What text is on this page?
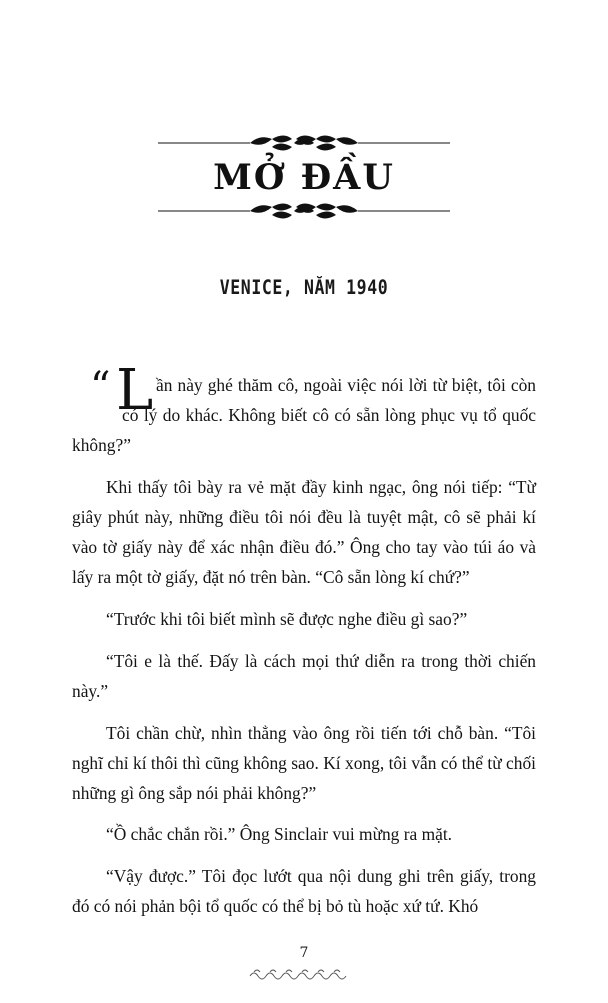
MỞ ĐẦU
VENICE, NĂM 1940

“ L ần này ghé thăm cô, ngoài việc nói lời từ biệt, tôi còn có lý do khác. Không biết cô có sẵn lòng phục vụ tổ quốc không?”

Khi thấy tôi bày ra vẻ mặt đầy kinh ngạc, ông nói tiếp: “Từ giây phút này, những điều tôi nói đều là tuyệt mật, cô sẽ phải kí vào tờ giấy này để xác nhận điều đó.” Ông cho tay vào túi áo và lấy ra một tờ giấy, đặt nó trên bàn. “Cô sẵn lòng kí chứ?”

“Trước khi tôi biết mình sẽ được nghe điều gì sao?”

“Tôi e là thế. Đấy là cách mọi thứ diễn ra trong thời chiến này.”

Tôi chần chừ, nhìn thẳng vào ông rồi tiến tới chỗ bàn. “Tôi nghĩ chỉ kí thôi thì cũng không sao. Kí xong, tôi vẫn có thể từ chối những gì ông sắp nói phải không?”

“Ồ chắc chắn rồi.” Ông Sinclair vui mừng ra mặt.

“Vậy được.” Tôi đọc lướt qua nội dung ghi trên giấy, trong đó có nói phản bội tổ quốc có thể bị bỏ tù hoặc xứ tứ. Khó

7
